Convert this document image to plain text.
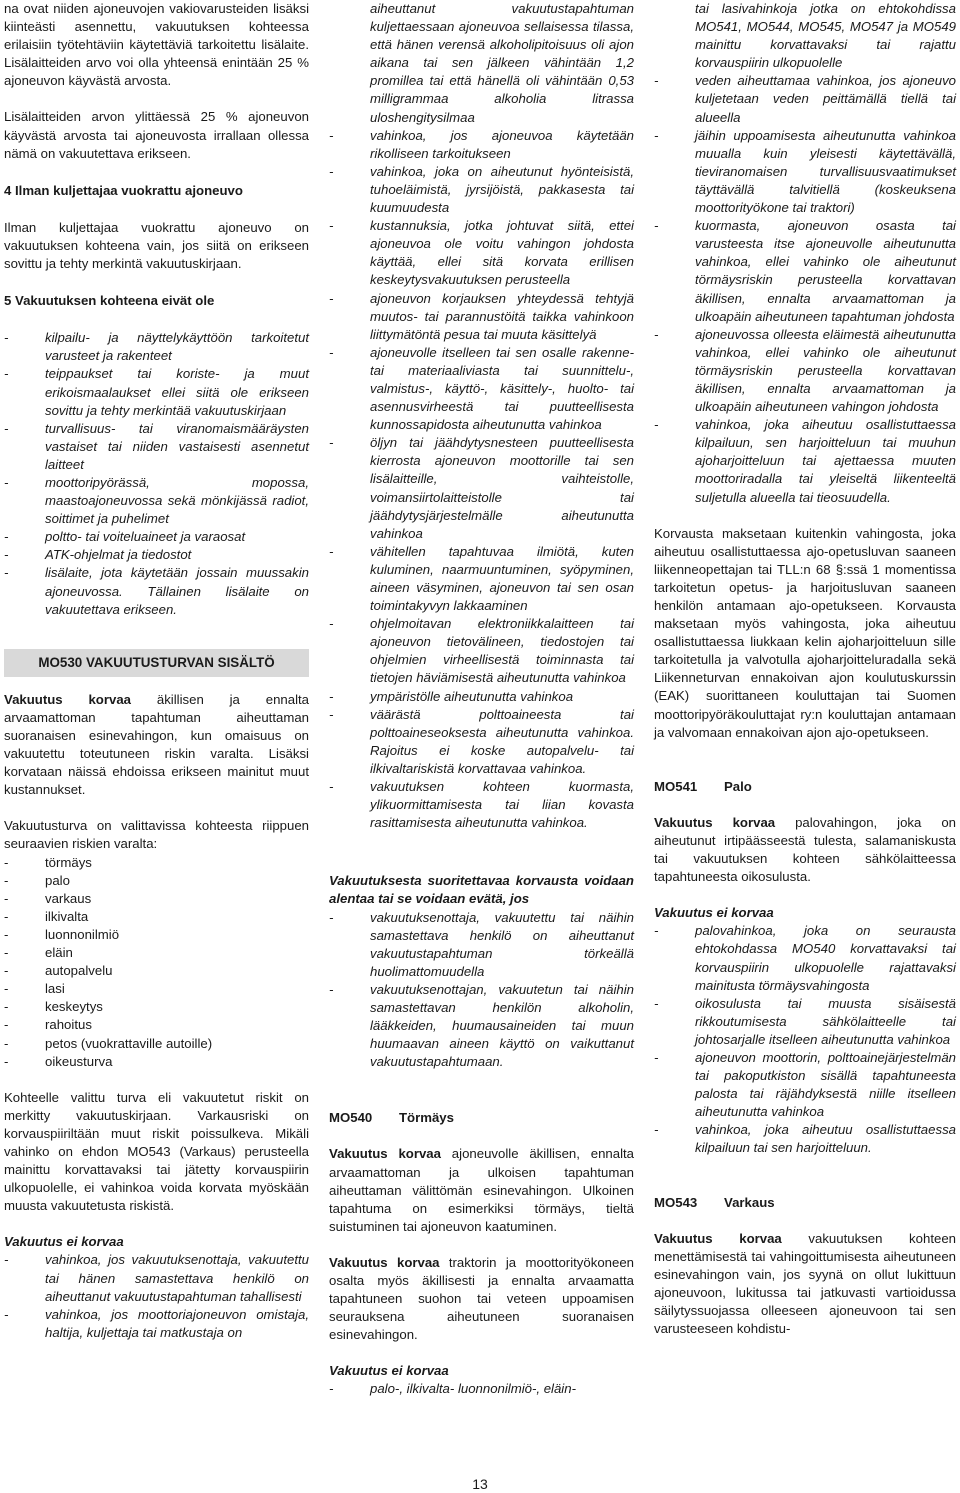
na ovat niiden ajoneuvojen vakiovarusteiden lisäksi kiinteästi asennettu, vakuutuksen kohteessa erilaisiin työtehtäviin käytettäviä tarkoitettu lisälaite. Lisälaitteiden arvo voi olla yhteensä enintään 25 % ajoneuvon käyvästä arvosta.

Lisälaitteiden arvon ylittäessä 25 % ajoneuvon käyvästä arvosta tai ajoneuvosta irrallaan ollessa nämä on vakuutettava erikseen.

4 Ilman kuljettajaa vuokrattu ajoneuvo

Ilman kuljettajaa vuokrattu ajoneuvo on vakuutuksen kohteena vain, jos siitä on erikseen sovittu ja tehty merkintä vakuutuskirjaan.

5 Vakuutuksen kohteena eivät ole

- kilpailu- ja näyttelykäyttöön tarkoitetut varusteet ja rakenteet
- teippaukset tai koriste- ja muut erikoismaalaukset ellei siitä ole erikseen sovittu ja tehty merkintää vakuutuskirjaan
- turvallisuus- tai viranomaismääräysten vastaiset tai niiden vastaisesti asennetut laitteet
- moottoripyörässä, mopossa, maastoajoneuvossa sekä mönkijässä radiot, soittimet ja puhelimet
- poltto- tai voiteluaineet ja varaosat
- ATK-ohjelmat ja tiedostot
- lisälaite, jota käytetään jossain muussakin ajoneuvossa. Tällainen lisälaite on vakuutettava erikseen.

MO530 VAKUUTUSTURVAN SISÄLTÖ

Vakuutus korvaa äkillisen ja ennalta arvaamattoman tapahtuman aiheuttaman suoranaisen esinevahingon, kun omaisuus on vakuutettu toteutuneen riskin varalta. Lisäksi korvataan näissä ehdoissa erikseen mainitut muut kustannukset.

Vakuutusturva on valittavissa kohteesta riippuen seuraavien riskien varalta:

- törmäys
- palo
- varkaus
- ilkivalta
- luonnonilmiö
- eläin
- autopalvelu
- lasi
- keskeytys
- rahoitus
- petos (vuokrattaville autoille)
- oikeusturva

Kohteelle valittu turva eli vakuutetut riskit on merkitty vakuutuskirjaan. Varkausriski on korvauspiiriltään muut riskit poissulkeva. Mikäli vahinko on ehdon MO543 (Varkaus) perusteella mainittu korvattavaksi tai jätetty korvauspiirin ulkopuolelle, ei vahinkoa voida korvata myöskään muusta vakuutetusta riskistä.

Vakuutus ei korvaa

- vahinkoa, jos vakuutuksenottaja, vakuutettu tai hänen samastettava henkilö on aiheuttanut vakuutustapahtuman tahallisesti
- vahinkoa, jos moottoriajoneuvon omistaja, haltija, kuljettaja tai matkustaja on

aiheuttanut vakuutustapahtuman kuljettaessaan ajoneuvoa sellaisessa tilassa, että hänen verensä alkoholipitoisuus oli ajon aikana tai sen jälkeen vähintään 1,2 promillea tai että hänellä oli vähintään 0,53 milligrammaa alkoholia litrassa uloshengitysilmaa

- vahinkoa, jos ajoneuvoa käytetään rikolliseen tarkoitukseen
- vahinkoa, joka on aiheutunut hyönteisistä, tuhoeläimistä, jyrsijöistä, pakkasesta tai kuumuudesta
- kustannuksia, jotka johtuvat siitä, ettei ajoneuvoa ole voitu vahingon johdosta käyttää, ellei sitä korvata erillisen keskeytysvakuutuksen perusteella
- ajoneuvon korjauksen yhteydessä tehtyjä muutos- tai parannustöitä taikka vahinkoon liittymätöntä pesua tai muuta käsittelyä
- ajoneuvolle itselleen tai sen osalle rakenne- tai materiaaliviasta tai suunnittelu-, valmistus-, käyttö-, käsittely-, huolto- tai asennusvirheestä tai puutteellisesta kunnossapidosta aiheutunutta vahinkoa
- öljyn tai jäähdytysnesteen puutteellisesta kierrosta ajoneuvon moottorille tai sen lisälaitteille, vaihteistolle, voimansiirtolaitteistolle tai jäähdytysjärjestelmälle aiheutunutta vahinkoa
- vähitellen tapahtuvaa ilmiötä, kuten kuluminen, naarmuuntuminen, syöpyminen, aineen väsyminen, ajoneuvon tai sen osan toimintakyvyn lakkaaminen
- ohjelmoitavan elektroniikkalaitteen tai ajoneuvon tietovälineen, tiedostojen tai ohjelmien virheellisestä toiminnasta tai tietojen häviämisestä aiheutunutta vahinkoa
- ympäristölle aiheutunutta vahinkoa
- väärästä polttoaineesta tai polttoaineseoksesta aiheutunutta vahinkoa. Rajoitus ei koske autopalvelu- tai ilkivaltariskistä korvattavaa vahinkoa.
- vakuutuksen kohteen kuormasta, ylikuormittamisesta tai liian kovasta rasittamisesta aiheutunutta vahinkoa.

Vakuutuksesta suoritettavaa korvausta voidaan alentaa tai se voidaan evätä, jos

- vakuutuksenottaja, vakuutettu tai näihin samastettava henkilö on aiheuttanut vakuutustapahtuman törkeällä huolimattomuudella
- vakuutuksenottajan, vakuutetun tai näihin samastettavan henkilön alkoholin, lääkkeiden, huumausaineiden tai muun huumaavan aineen käyttö on vaikuttanut vakuutustapahtumaan.

MO540 Törmäys

Vakuutus korvaa ajoneuvolle äkillisen, ennalta arvaamattoman ja ulkoisen tapahtuman aiheuttaman välittömän esinevahingon. Ulkoinen tapahtuma on esimerkiksi törmäys, tieltä suistuminen tai ajoneuvon kaatuminen.

Vakuutus korvaa traktorin ja moottorityökoneen osalta myös äkillisesti ja ennalta arvaamatta tapahtuneen suohon tai veteen uppoamisen seurauksena aiheutuneen suoranaisen esinevahingon.

Vakuutus ei korvaa

- palo-, ilkivalta- luonnonilmiö-, eläin-

tai lasivahinkoja jotka on ehtokohdissa MO541, MO544, MO545, MO547 ja MO549 mainittu korvattavaksi tai rajattu korvauspiirin ulkopuolelle

- veden aiheuttamaa vahinkoa, jos ajoneuvo kuljetetaan veden peittämällä tiellä tai alueella
- jäihin uppoamisesta aiheutunutta vahinkoa muualla kuin yleisesti käytettävällä, tieviranomaisen turvallisuusvaatimukset täyttävällä talvitiellä (koskeuksena moottorityökone tai traktori)
- kuormasta, ajoneuvon osasta tai varusteesta itse ajoneuvolle aiheutunutta vahinkoa, ellei vahinko ole aiheutunut törmäysriskin perusteella korvattavan äkillisen, ennalta arvaamattoman ja ulkoapäin aiheutuneen tapahtuman johdosta
- ajoneuvossa olleesta eläimestä aiheutunutta vahinkoa, ellei vahinko ole aiheutunut törmäysriskin perusteella korvattavan äkillisen, ennalta arvaamattoman ja ulkoapäin aiheutuneen vahingon johdosta
- vahinkoa, joka aiheutuu osallistuttaessa kilpailuun, sen harjoitteluun tai muuhun ajoharjoitteluun tai ajettaessa muuten moottoriradalla tai yleiseltä liikenteeltä suljetulla alueella tai tieosuudella.

Korvausta maksetaan kuitenkin vahingosta, joka aiheutuu osallistuttaessa ajo-opetusluvan saaneen liikenneopettajan tai TLL:n 68 §:ssä 1 momentissa tarkoitetun opetus- ja harjoitusluvan saaneen henkilön antamaan ajo-opetukseen. Korvausta maksetaan myös vahingosta, joka aiheutuu osallistuttaessa liukkaan kelin ajoharjoitteluun sille tarkoitetulla ja valvotulla ajoharjoitteluradalla sekä Liikenneturvan ennakoivan ajon koulutuskurssin (EAK) suorittaneen kouluttajan tai Suomen moottoripyöräkouluttajat ry:n kouluttajan antamaan ja valvomaan ennakoivan ajon ajo-opetukseen.

MO541 Palo

Vakuutus korvaa palovahingon, joka on aiheutunut irtipäässeestä tulesta, salamaniskusta tai vakuutuksen kohteen sähkölaitteessa tapahtuneesta oikosulusta.

Vakuutus ei korvaa

- palovahinkoa, joka on seurausta ehtokohdassa MO540 korvattavaksi tai korvauspiirin ulkopuolelle rajattavaksi mainitusta törmäysvahingosta
- oikosulusta tai muusta sisäisestä rikkoutumisesta sähkölaitteelle tai johtosarjalle itselleen aiheutunutta vahinkoa
- ajoneuvon moottorin, polttoainejärjestelmän tai pakoputkiston sisällä tapahtuneesta palosta tai räjähdyksestä niille itselleen aiheutunutta vahinkoa
- vahinkoa, joka aiheutuu osallistuttaessa kilpailuun tai sen harjoitteluun.

MO543 Varkaus

Vakuutus korvaa vakuutuksen kohteen menettämisestä tai vahingoittumisesta aiheutuneen esinevahingon vain, jos syynä on ollut lukittuun ajoneuvoon, lukitussa tai jatkuvasti vartioidussa säilytyssuojassa olleeseen ajoneuvoon tai sen varusteeseen kohdistu-

13
